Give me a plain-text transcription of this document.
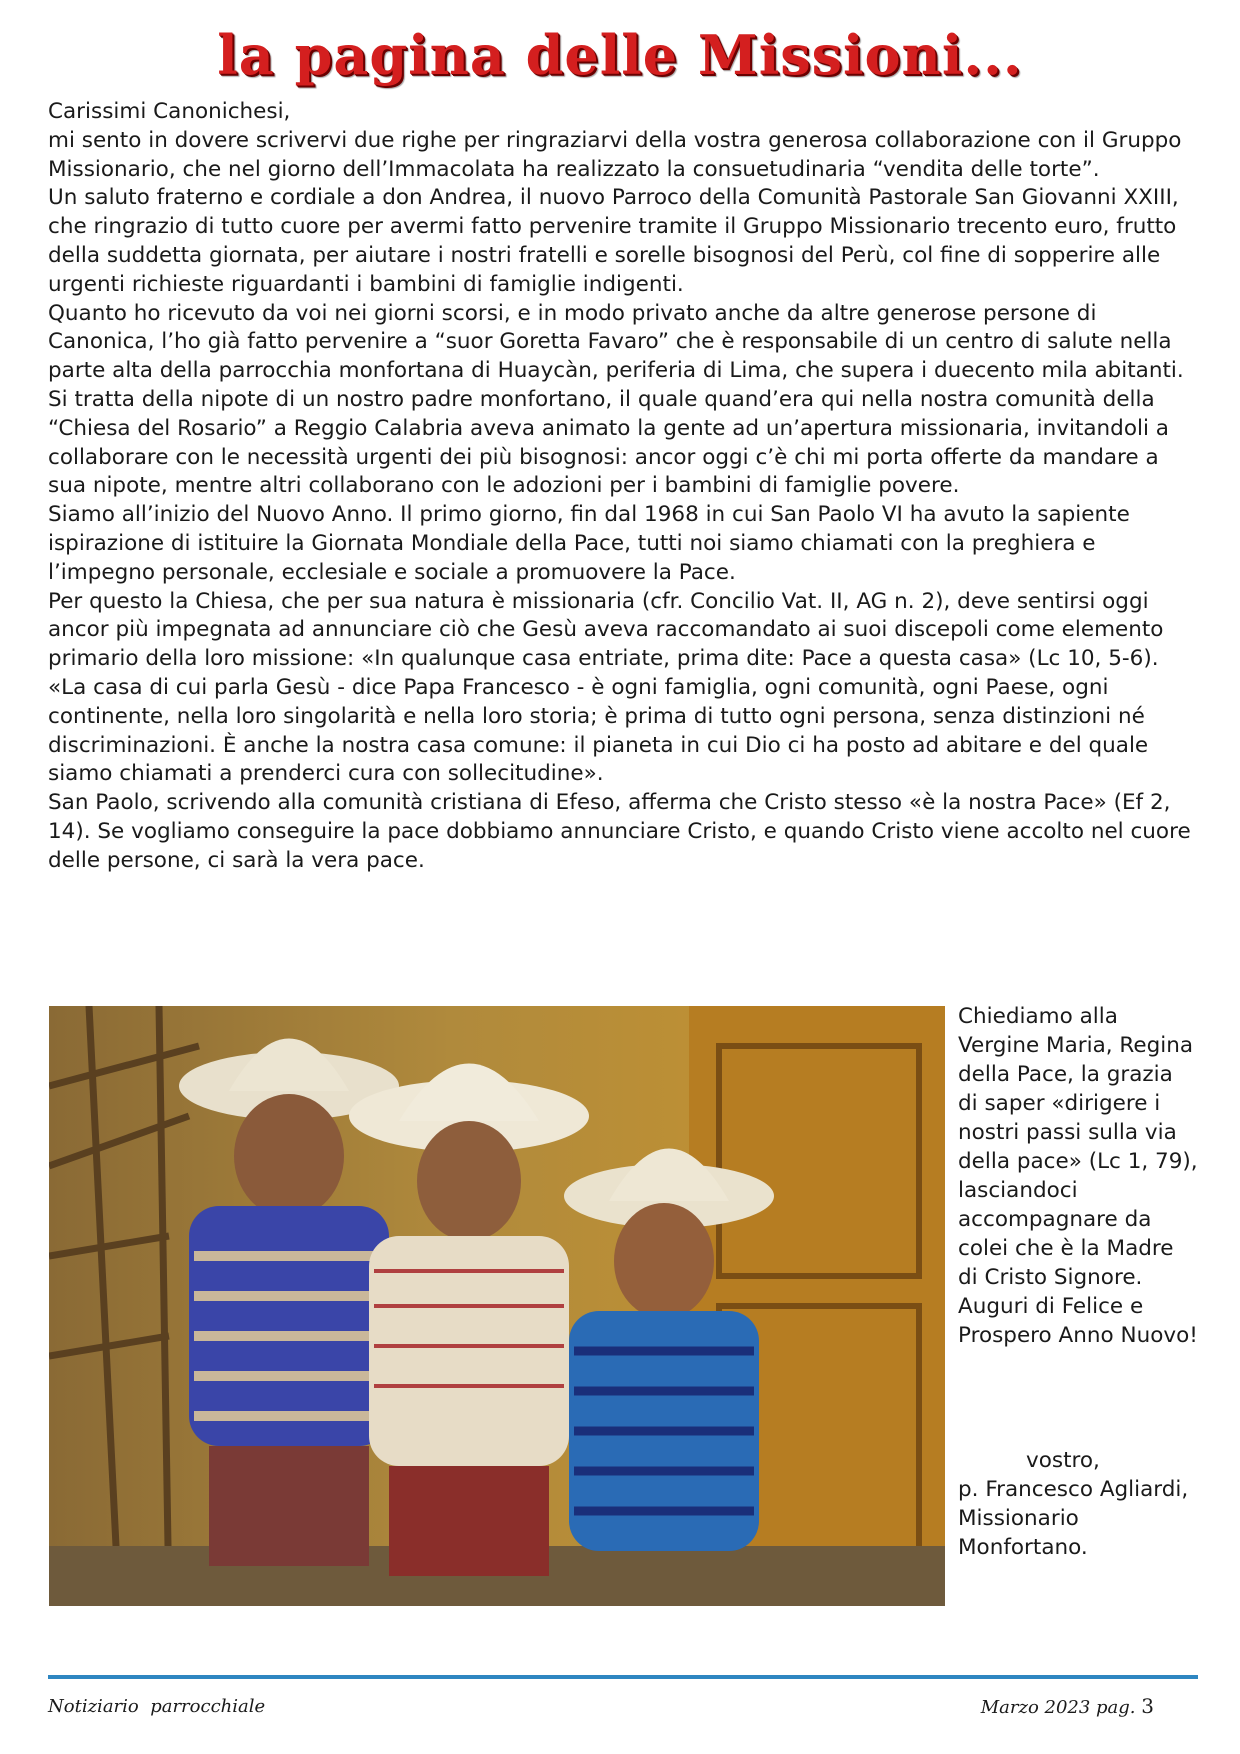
la pagina delle Missioni...

Carissimi Canonichesi,

mi sento in dovere scrivervi due righe per ringraziarvi della vostra generosa collaborazione con il Gruppo Missionario, che nel giorno dell’Immacolata ha realizzato la consuetudinaria “vendita delle torte”.

Un saluto fraterno e cordiale a don Andrea, il nuovo Parroco della Comunità Pastorale San Giovanni XXIII, che ringrazio di tutto cuore per avermi fatto pervenire tramite il Gruppo Missionario trecento euro, frutto della suddetta giornata, per aiutare i nostri fratelli e sorelle bisognosi del Perù, col fine di sopperire alle urgenti richieste riguardanti i bambini di famiglie indigenti.

Quanto ho ricevuto da voi nei giorni scorsi, e in modo privato anche da altre generose persone di Canonica, l’ho già fatto pervenire a “suor Goretta Favaro” che è responsabile di un centro di salute nella parte alta della parrocchia monfortana di Huaycàn, periferia di Lima, che supera i duecento mila abitanti. Si tratta della nipote di un nostro padre monfortano, il quale quand’era qui nella nostra comunità della “Chiesa del Rosario” a Reggio Calabria aveva animato la gente ad un’apertura missionaria, invitandoli a collaborare con le necessità urgenti dei più bisognosi: ancor oggi c’è chi mi porta offerte da mandare a sua nipote, mentre altri collaborano con le adozioni per i bambini di famiglie povere.

Siamo all’inizio del Nuovo Anno. Il primo giorno, fin dal 1968 in cui San Paolo VI ha avuto la sapiente ispirazione di istituire la Giornata Mondiale della Pace, tutti noi siamo chiamati con la preghiera e l’impegno personale, ecclesiale e sociale a promuovere la Pace.

Per questo la Chiesa, che per sua natura è missionaria (cfr. Concilio Vat. II, AG n. 2), deve sentirsi oggi ancor più impegnata ad annunciare ciò che Gesù aveva raccomandato ai suoi discepoli come elemento primario della loro missione: «In qualunque casa entriate, prima dite: Pace a questa casa» (Lc 10, 5-6).

«La casa di cui parla Gesù - dice Papa Francesco - è ogni famiglia, ogni comunità, ogni Paese, ogni continente, nella loro singolarità e nella loro storia; è prima di tutto ogni persona, senza distinzioni né discriminazioni. È anche la nostra casa comune: il pianeta in cui Dio ci ha posto ad abitare e del quale siamo chiamati a prenderci cura con sollecitudine».

San Paolo, scrivendo alla comunità cristiana di Efeso, afferma che Cristo stesso «è la nostra Pace» (Ef 2, 14). Se vogliamo conseguire la pace dobbiamo annunciare Cristo, e quando Cristo viene accolto nel cuore delle persone, ci sarà la vera pace.

Chiediamo alla Vergine Maria, Regina della Pace, la grazia di saper «dirigere i nostri passi sulla via della pace» (Lc 1, 79), lasciandoci accompagnare da colei che è la Madre di Cristo Signore. Auguri di Felice e Prospero Anno Nuovo!
vostro,
p. Francesco Agliardi,
Missionario Monfortano.
Notiziario  parrocchiale	Marzo 2023 pag. 3
